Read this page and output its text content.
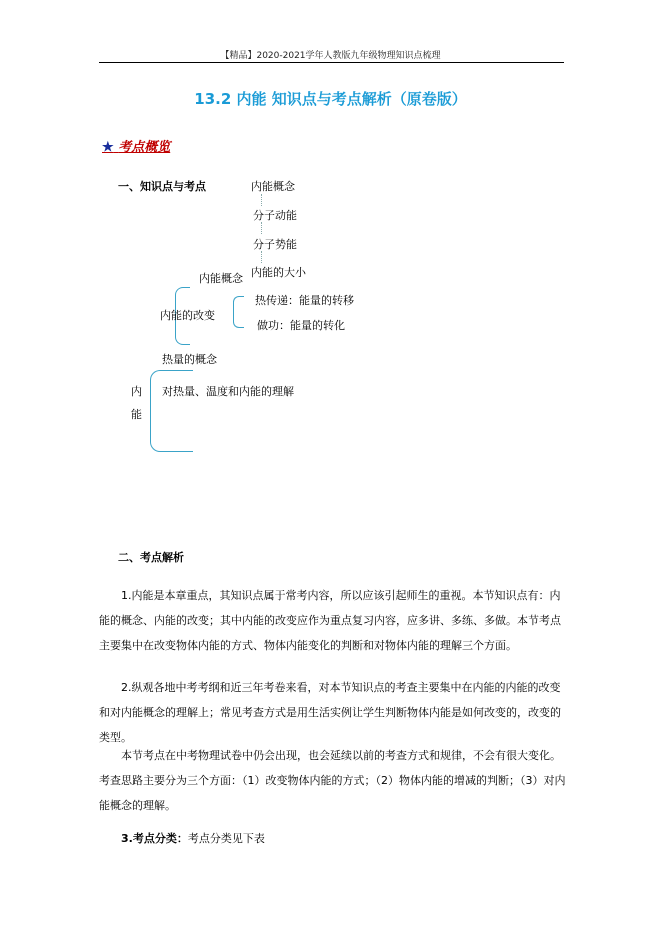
【精品】2020-2021学年人教版九年级物理知识点梳理
13.2 内能 知识点与考点解析（原卷版）
★ 考点概览
一、知识点与考点	内能概念
分子动能
分子势能
内能的大小
内能概念
内能的改变
热传递：能量的转移
做功：能量的转化
热量的概念
内能
对热量、温度和内能的理解
二、考点解析
1.内能是本章重点，其知识点属于常考内容，所以应该引起师生的重视。本节知识点有：内能的概念、内能的改变；其中内能的改变应作为重点复习内容，应多讲、多练、多做。本节考点主要集中在改变物体内能的方式、物体内能变化的判断和对物体内能的理解三个方面。
2.纵观各地中考考纲和近三年考卷来看，对本节知识点的考查主要集中在内能的内能的改变和对内能概念的理解上；常见考查方式是用生活实例让学生判断物体内能是如何改变的，改变的类型。
本节考点在中考物理试卷中仍会出现，也会延续以前的考查方式和规律，不会有很大变化。考查思路主要分为三个方面：（1）改变物体内能的方式；（2）物体内能的增减的判断；（3）对内能概念的理解。
3.考点分类：考点分类见下表
